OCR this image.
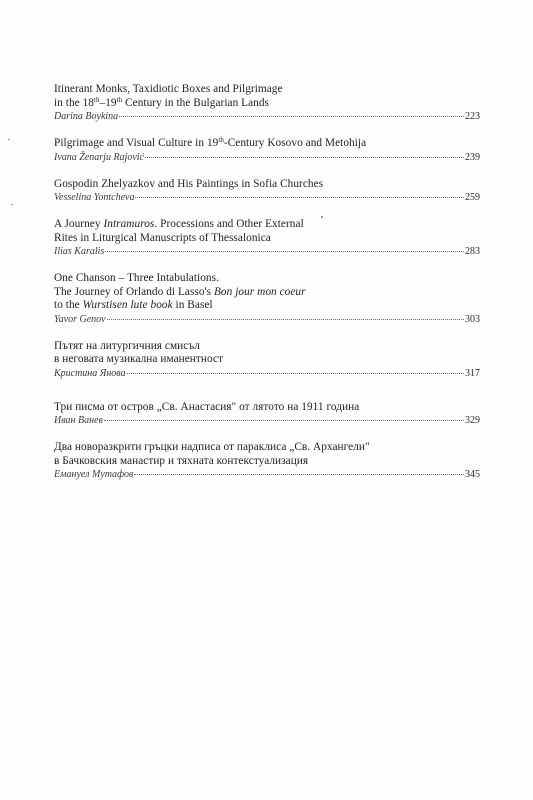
Itinerant Monks, Taxidiotic Boxes and Pilgrimage
in the 18th–19th Century in the Bulgarian Lands
Darina Boykina	223
Pilgrimage and Visual Culture in 19th-Century Kosovo and Metohija
Ivana Ženarju Rajović	239
Gospodin Zhelyazkov and His Paintings in Sofia Churches
Vesselina Yontcheva	259
A Journey Intramuros. Processions and Other External
Rites in Liturgical Manuscripts of Thessalonica
Ilias Karalis	283
One Chanson – Three Intabulations.
The Journey of Orlando di Lasso's Bon jour mon coeur
to the Wurstisen lute book in Basel
Yavor Genov	303
Пътят на литургичния смисъл
в неговата музикална иманентност
Кристина Янова	317
Три писма от остров „Св. Анастасия" от лятото на 1911 година
Иван Ванев	329
Два новоразкрити гръцки надписа от параклиса „Св. Архангели"
в Бачковския манастир и тяхната контекстуализация
Емануел Мутафов	345
